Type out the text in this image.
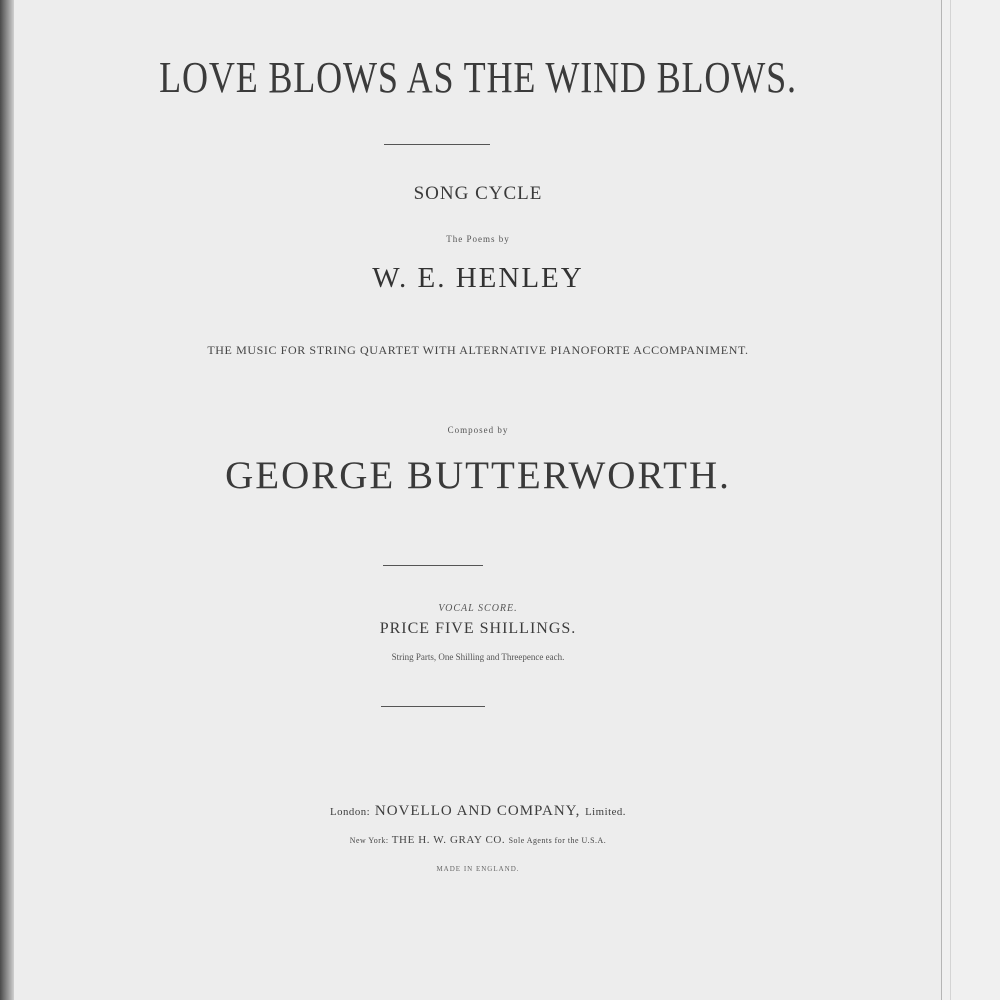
LOVE BLOWS AS THE WIND BLOWS.
SONG CYCLE
The Poems by
W. E. HENLEY
THE MUSIC FOR STRING QUARTET WITH ALTERNATIVE PIANOFORTE ACCOMPANIMENT.
Composed by
GEORGE BUTTERWORTH.
VOCAL SCORE.
PRICE FIVE SHILLINGS.
String Parts, One Shilling and Threepence each.
London: NOVELLO AND COMPANY, Limited.
New York: THE H. W. GRAY CO. Sole Agents for the U.S.A.
MADE IN ENGLAND.
